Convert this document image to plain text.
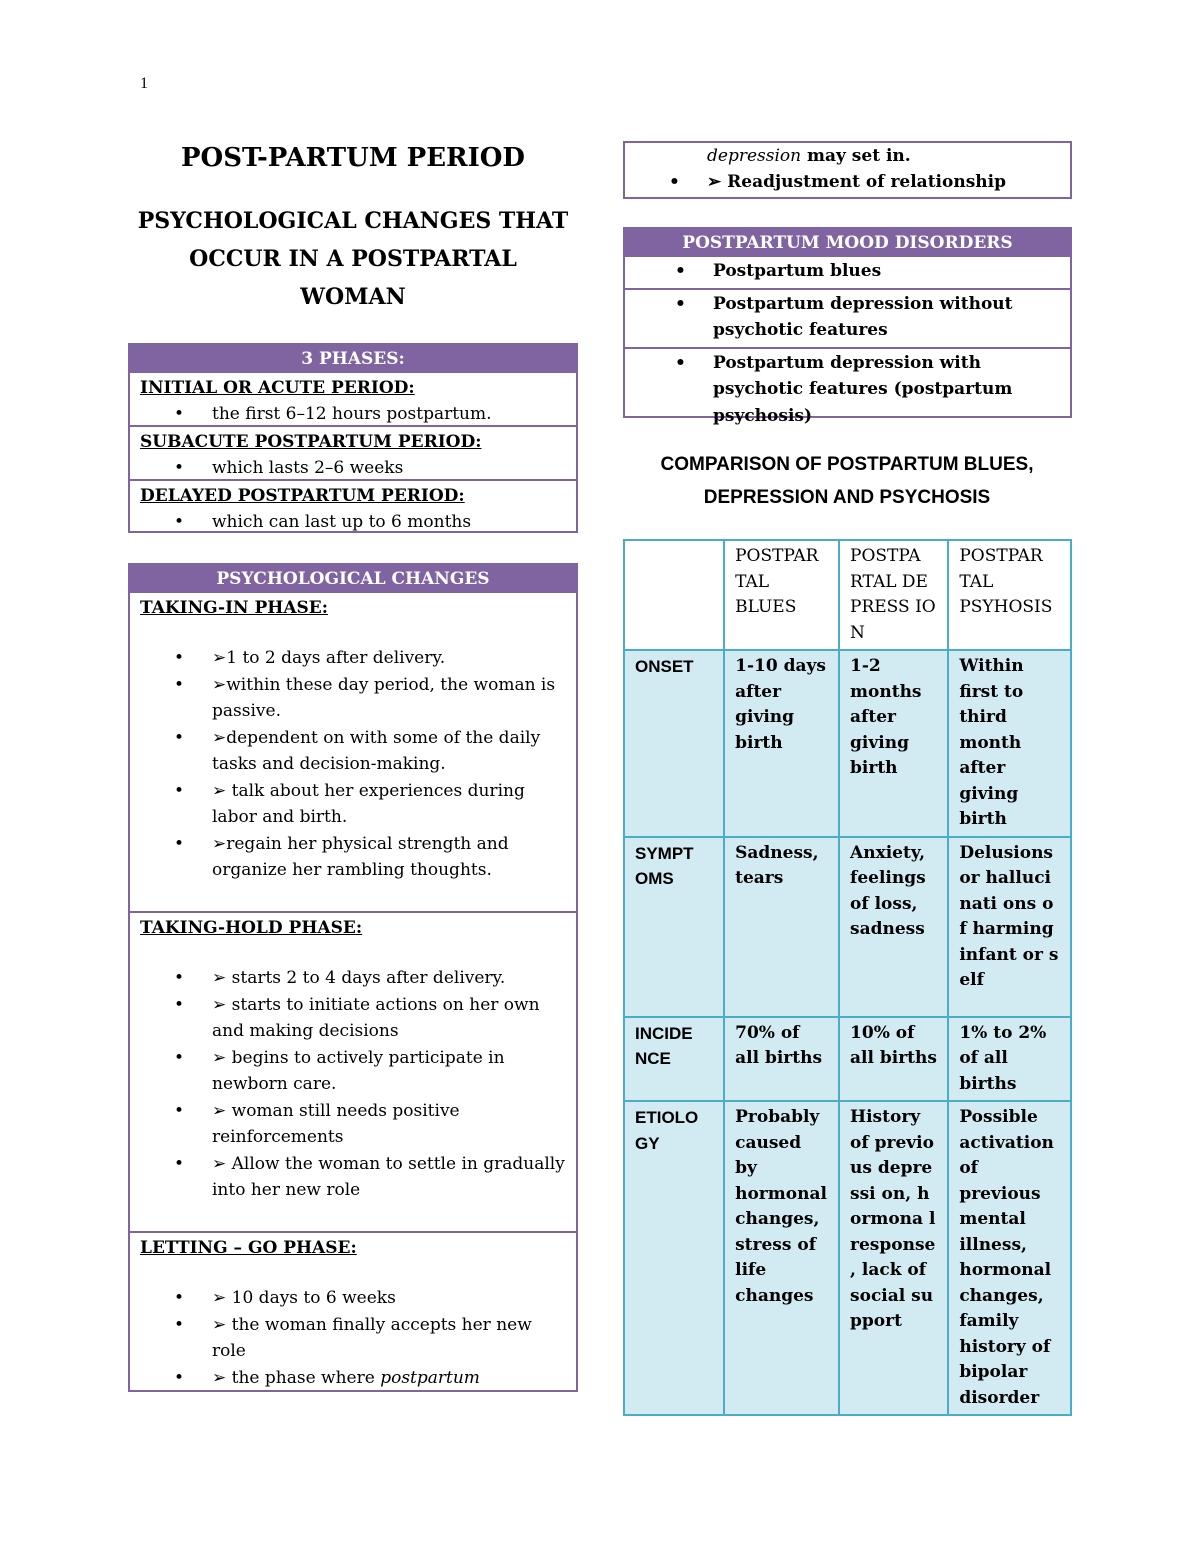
1
POST-PARTUM PERIOD
PSYCHOLOGICAL CHANGES THAT
OCCUR IN A POSTPARTAL
WOMAN
3 PHASES:
INITIAL OR ACUTE PERIOD:
• the first 6–12 hours postpartum.
SUBACUTE POSTPARTUM PERIOD:
• which lasts 2–6 weeks
DELAYED POSTPARTUM PERIOD:
• which can last up to 6 months
PSYCHOLOGICAL CHANGES
TAKING-IN PHASE:
• ➢1 to 2 days after delivery.
• ➢within these day period, the woman is passive.
• ➢dependent on with some of the daily tasks and decision-making.
• ➢ talk about her experiences during labor and birth.
• ➢regain her physical strength and organize her rambling thoughts.
TAKING-HOLD PHASE:
• ➢ starts 2 to 4 days after delivery.
• ➢ starts to initiate actions on her own and making decisions
• ➢ begins to actively participate in newborn care.
• ➢ woman still needs positive reinforcements
• ➢ Allow the woman to settle in gradually into her new role
LETTING – GO PHASE:
• ➢ 10 days to 6 weeks
• ➢ the woman finally accepts her new role
• ➢ the phase where postpartum
depression may set in.
• ➢ Readjustment of relationship
POSTPARTUM MOOD DISORDERS
• Postpartum blues
• Postpartum depression without psychotic features
• Postpartum depression with psychotic features (postpartum psychosis)
COMPARISON OF POSTPARTUM BLUES,
DEPRESSION AND PSYCHOSIS
	POSTPAR TAL BLUES	POSTPA RTAL DEPRESS ION	POSTPAR TAL PSYHOSIS
ONSET	1-10 days after giving birth	1-2 months after giving birth	Within first to third month after giving birth
SYMPT OMS	Sadness, tears	Anxiety, feelings of loss, sadness	Delusions or hallucinati ons of harming infant or self
INCIDE NCE	70% of all births	10% of all births	1% to 2% of all births
ETIOLO GY	Probably caused by hormonal changes, stress of life changes	History of previous depressi on, hormona l response , lack of social support	Possible activation of previous mental illness, hormonal changes, family history of bipolar disorder
